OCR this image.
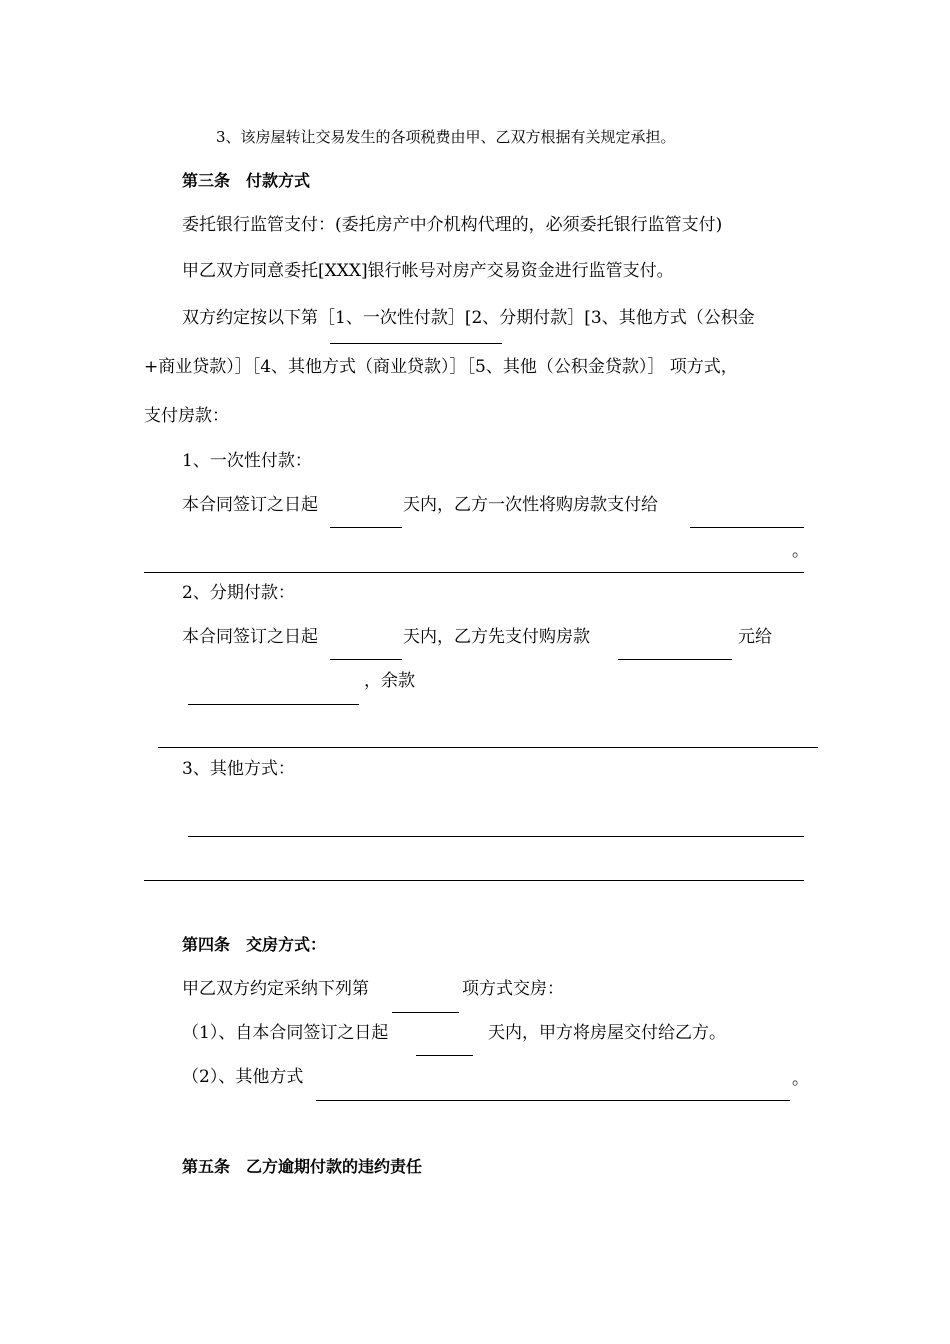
3、该房屋转让交易发生的各项税费由甲、乙双方根据有关规定承担。
第三条　付款方式
委托银行监管支付：(委托房产中介机构代理的，必须委托银行监管支付)
甲乙双方同意委托[XXX]银行帐号对房产交易资金进行监管支付。
双方约定按以下第［1、一次性付款］[2、分期付款］[3、其他方式（公积金
+商业贷款）］［4、其他方式（商业贷款）］［5、其他（公积金贷款）］ 项方式，
支付房款：
1、一次性付款：
本合同签订之日起	天内，乙方一次性将购房款支付给
。
2、分期付款：
本合同签订之日起	天内，乙方先支付购房款	元给
，余款
3、其他方式：
第四条　交房方式：
甲乙双方约定采纳下列第	项方式交房：
（1）、自本合同签订之日起	天内，甲方将房屋交付给乙方。
（2）、其他方式	。
第五条　乙方逾期付款的违约责任
